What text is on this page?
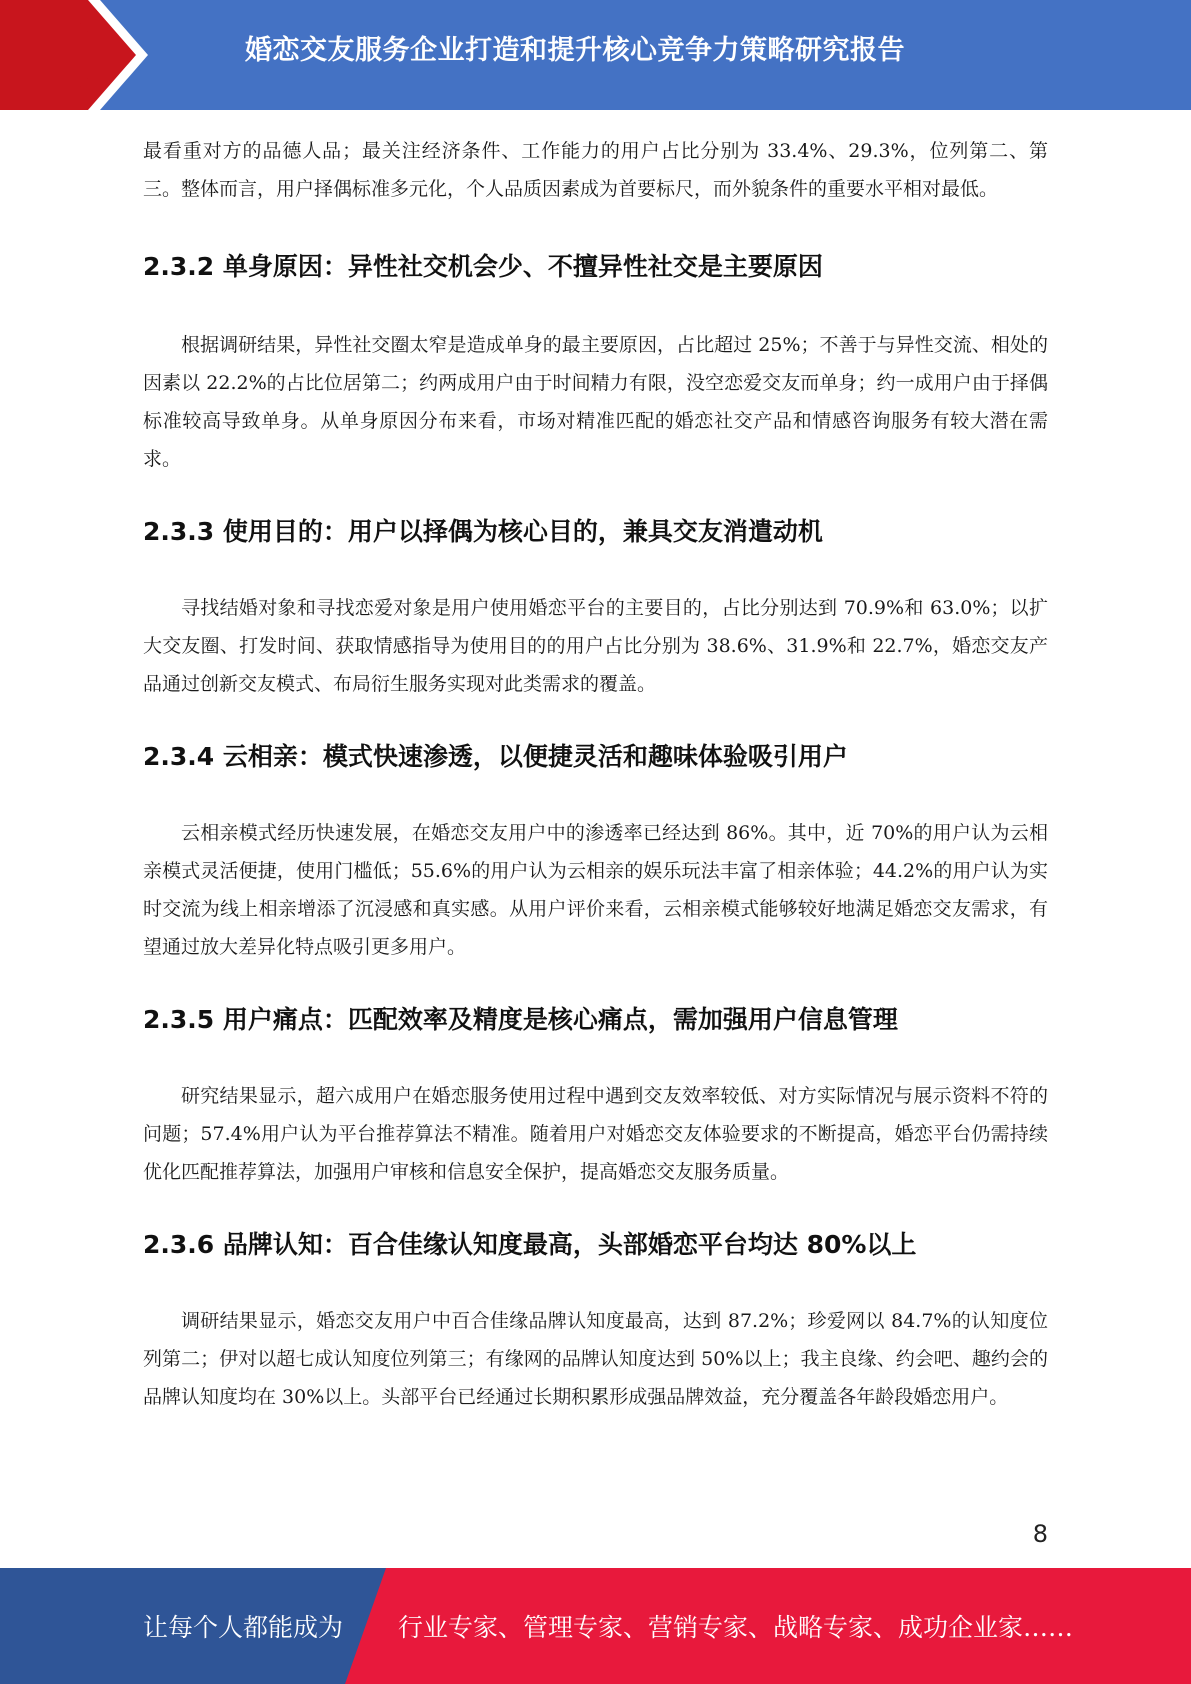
婚恋交友服务企业打造和提升核心竞争力策略研究报告

最看重对方的品德人品；最关注经济条件、工作能力的用户占比分别为 33.4%、29.3%，位列第二、第三。整体而言，用户择偶标准多元化，个人品质因素成为首要标尺，而外貌条件的重要水平相对最低。

2.3.2 单身原因：异性社交机会少、不擅异性社交是主要原因

根据调研结果，异性社交圈太窄是造成单身的最主要原因，占比超过 25%；不善于与异性交流、相处的因素以 22.2%的占比位居第二；约两成用户由于时间精力有限，没空恋爱交友而单身；约一成用户由于择偶标准较高导致单身。从单身原因分布来看，市场对精准匹配的婚恋社交产品和情感咨询服务有较大潜在需求。

2.3.3 使用目的：用户以择偶为核心目的，兼具交友消遣动机

寻找结婚对象和寻找恋爱对象是用户使用婚恋平台的主要目的，占比分别达到 70.9%和 63.0%；以扩大交友圈、打发时间、获取情感指导为使用目的的用户占比分别为 38.6%、31.9%和 22.7%，婚恋交友产品通过创新交友模式、布局衍生服务实现对此类需求的覆盖。

2.3.4 云相亲：模式快速渗透，以便捷灵活和趣味体验吸引用户

云相亲模式经历快速发展，在婚恋交友用户中的渗透率已经达到 86%。其中，近 70%的用户认为云相亲模式灵活便捷，使用门槛低；55.6%的用户认为云相亲的娱乐玩法丰富了相亲体验；44.2%的用户认为实时交流为线上相亲增添了沉浸感和真实感。从用户评价来看，云相亲模式能够较好地满足婚恋交友需求，有望通过放大差异化特点吸引更多用户。

2.3.5 用户痛点：匹配效率及精度是核心痛点，需加强用户信息管理

研究结果显示，超六成用户在婚恋服务使用过程中遇到交友效率较低、对方实际情况与展示资料不符的问题；57.4%用户认为平台推荐算法不精准。随着用户对婚恋交友体验要求的不断提高，婚恋平台仍需持续优化匹配推荐算法，加强用户审核和信息安全保护，提高婚恋交友服务质量。

2.3.6 品牌认知：百合佳缘认知度最高，头部婚恋平台均达 80%以上

调研结果显示，婚恋交友用户中百合佳缘品牌认知度最高，达到 87.2%；珍爱网以 84.7%的认知度位列第二；伊对以超七成认知度位列第三；有缘网的品牌认知度达到 50%以上；我主良缘、约会吧、趣约会的品牌认知度均在 30%以上。头部平台已经通过长期积累形成强品牌效益，充分覆盖各年龄段婚恋用户。

8
让每个人都能成为 行业专家、管理专家、营销专家、战略专家、成功企业家……
